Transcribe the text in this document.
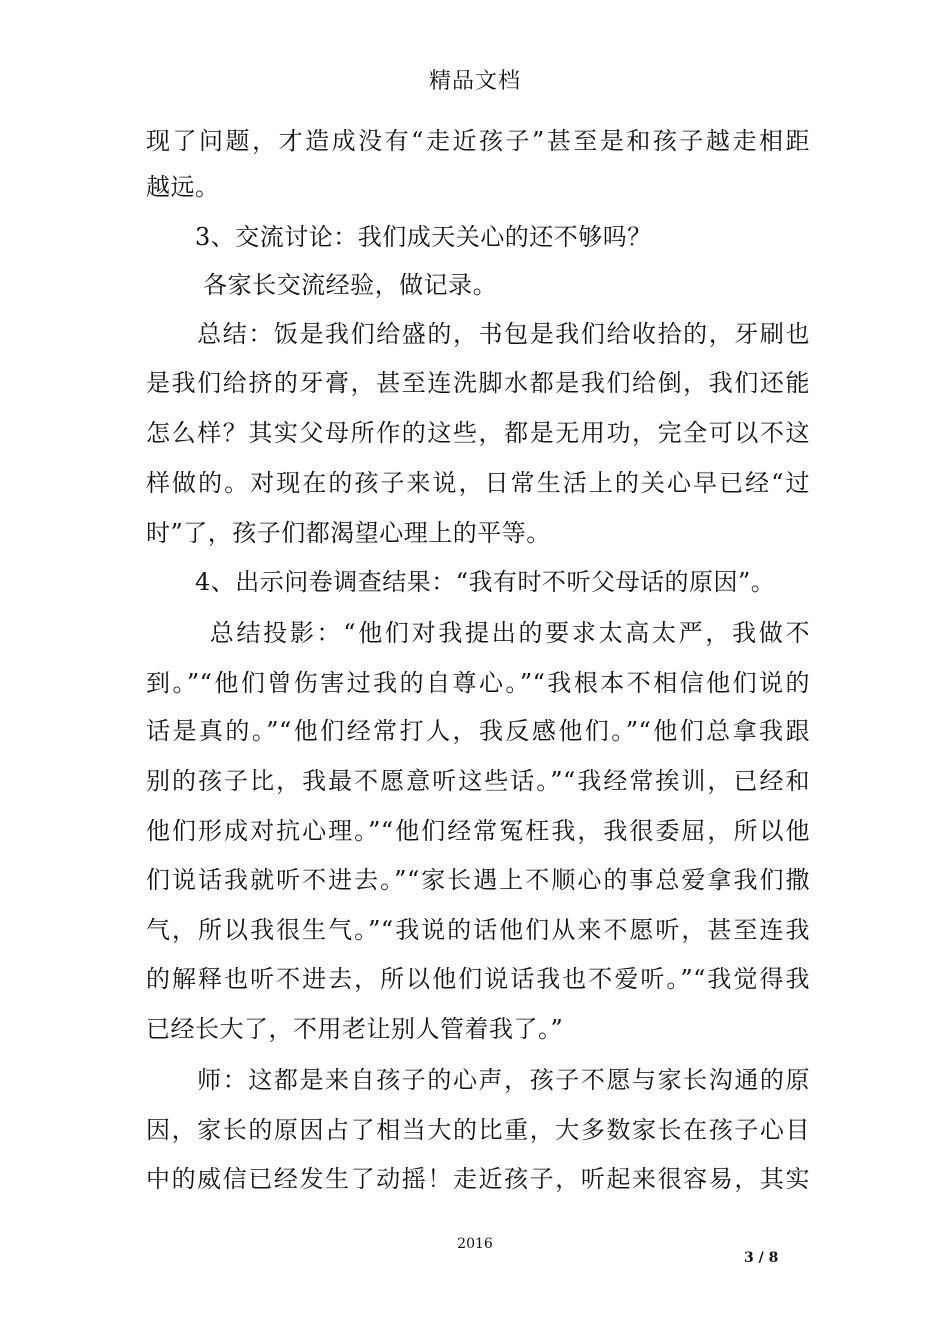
精品文档
现了问题，才造成没有“走近孩子”甚至是和孩子越走相距
越远。
　　3、交流讨论：我们成天关心的还不够吗？
　　 各家长交流经验，做记录。
　　总结：饭是我们给盛的，书包是我们给收拾的，牙刷也
是我们给挤的牙膏，甚至连洗脚水都是我们给倒，我们还能
怎么样？其实父母所作的这些，都是无用功，完全可以不这
样做的。对现在的孩子来说，日常生活上的关心早已经“过
时”了，孩子们都渴望心理上的平等。
　　4、出示问卷调查结果：“我有时不听父母话的原因”。
　　 总结投影：“他们对我提出的要求太高太严，我做不
到。”“他们曾伤害过我的自尊心。”“我根本不相信他们说的
话是真的。”“他们经常打人，我反感他们。”“他们总拿我跟
别的孩子比，我最不愿意听这些话。”“我经常挨训，已经和
他们形成对抗心理。”“他们经常冤枉我，我很委屈，所以他
们说话我就听不进去。”“家长遇上不顺心的事总爱拿我们撒
气，所以我很生气。”“我说的话他们从来不愿听，甚至连我
的解释也听不进去，所以他们说话我也不爱听。”“我觉得我
已经长大了，不用老让别人管着我了。”
　　师：这都是来自孩子的心声，孩子不愿与家长沟通的原
因，家长的原因占了相当大的比重，大多数家长在孩子心目
中的威信已经发生了动摇！走近孩子，听起来很容易，其实
2016
3 / 8
